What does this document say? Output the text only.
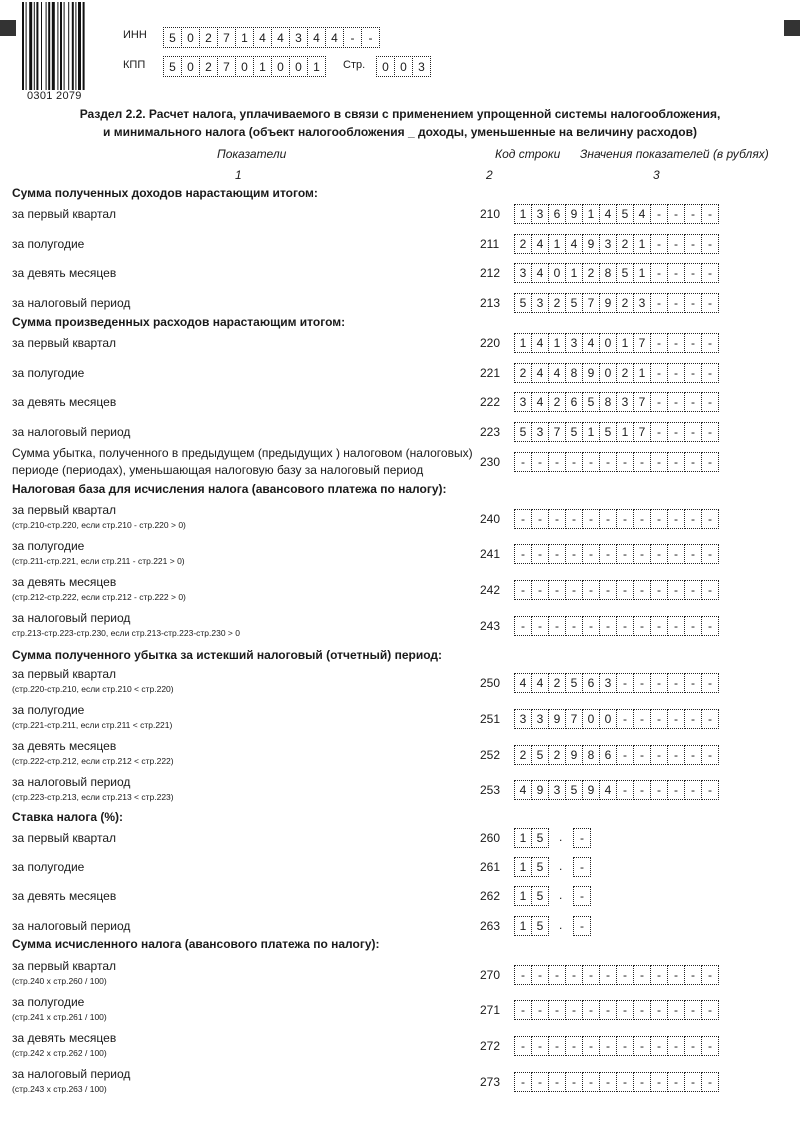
0301 2079
ИНН	5 0 2 7 1 4 4 3 4 4	-	-
КПП	5 0 2 7 0 1 0 0 1	Стр.	0 0 3
Раздел 2.2. Расчет налога, уплачиваемого в связи с применением упрощенной системы налогообложения,
и минимального налога (объект налогообложения _ доходы, уменьшенные на величину расходов)
Показатели	Код строки Значения показателей (в рублях)
1	2	3
Сумма полученных доходов нарастающим итогом:
Сумма произведенных расходов нарастающим итогом:
Налоговая база для исчисления налога (авансового платежа по налогу):
Сумма полученного убытка за истекший налоговый (отчетный) период:
Ставка налога (%):
Сумма исчисленного налога (авансового платежа по налогу):
за первый квартал	210	1 3 6 9 1 4 5 4 -	-	-	-
за полугодие	211	2 4 1 4 9 3 2 1 -	-	-	-
за девять месяцев	212	3 4 0 1 2 8 5 1 -	-	-	-
за налоговый период	213	5 3 2 5 7 9 2 3 -	-	-	-
за первый квартал	220	1 4 1 3 4 0 1 7 -	-	-	-
за полугодие	221	2 4 4 8 9 0 2 1 -	-	-	-
за девять месяцев	222	3 4 2 6 5 8 3 7 -	-	-	-
за налоговый период	223	5 3 7 5 1 5 1 7 -	-	-	-
Сумма убытка, полученного в предыдущем (предыдущих ) налоговом (налоговых)
периоде (периодах), уменьшающая налоговую базу за налоговый период
230	-	-	-	-	-	-	-	-	-	-	-	-
за первый квартал
(стр.210-стр.220, если стр.210 - стр.220 > 0)	240	-	-	-	-	-	-	-	-	-	-	-	-
за полугодие
(стр.211-стр.221, если стр.211 - стр.221 > 0)	241	-	-	-	-	-	-	-	-	-	-	-	-
за девять месяцев
(стр.212-стр.222, если стр.212 - стр.222 > 0)	242	-	-	-	-	-	-	-	-	-	-	-	-
за налоговый период
стр.213-стр.223-стр.230, если стр.213-стр.223-стр.230 > 0	243	-	-	-	-	-	-	-	-	-	-	-	-
за первый квартал
(стр.220-стр.210, если стр.210 < стр.220)	250	4 4 2 5 6 3 -	-	-	-	-	-
за полугодие
(стр.221-стр.211, если стр.211 < стр.221)	251	3 3 9 7 0 0 -	-	-	-	-	-
за девять месяцев
(стр.222-стр.212, если стр.212 < стр.222)	252	2 5 2 9 8 6 -	-	-	-	-	-
за налоговый период
(стр.223-стр.213, если стр.213 < стр.223)	253	4 9 3 5 9 4 -	-	-	-	-	-
за первый квартал	260	1 5	.	-
за полугодие	261	1 5	.	-
за девять месяцев	262	1 5	.	-
за налоговый период	263	1 5	.	-
за первый квартал
(стр.240 х стр.260 / 100)	270	-	-	-	-	-	-	-	-	-	-	-	-
за полугодие
(стр.241 х стр.261 / 100)	271	-	-	-	-	-	-	-	-	-	-	-	-
за девять месяцев
(стр.242 х стр.262 / 100)	272	-	-	-	-	-	-	-	-	-	-	-	-
за налоговый период
(стр.243 х стр.263 / 100)	273	-	-	-	-	-	-	-	-	-	-	-	-
